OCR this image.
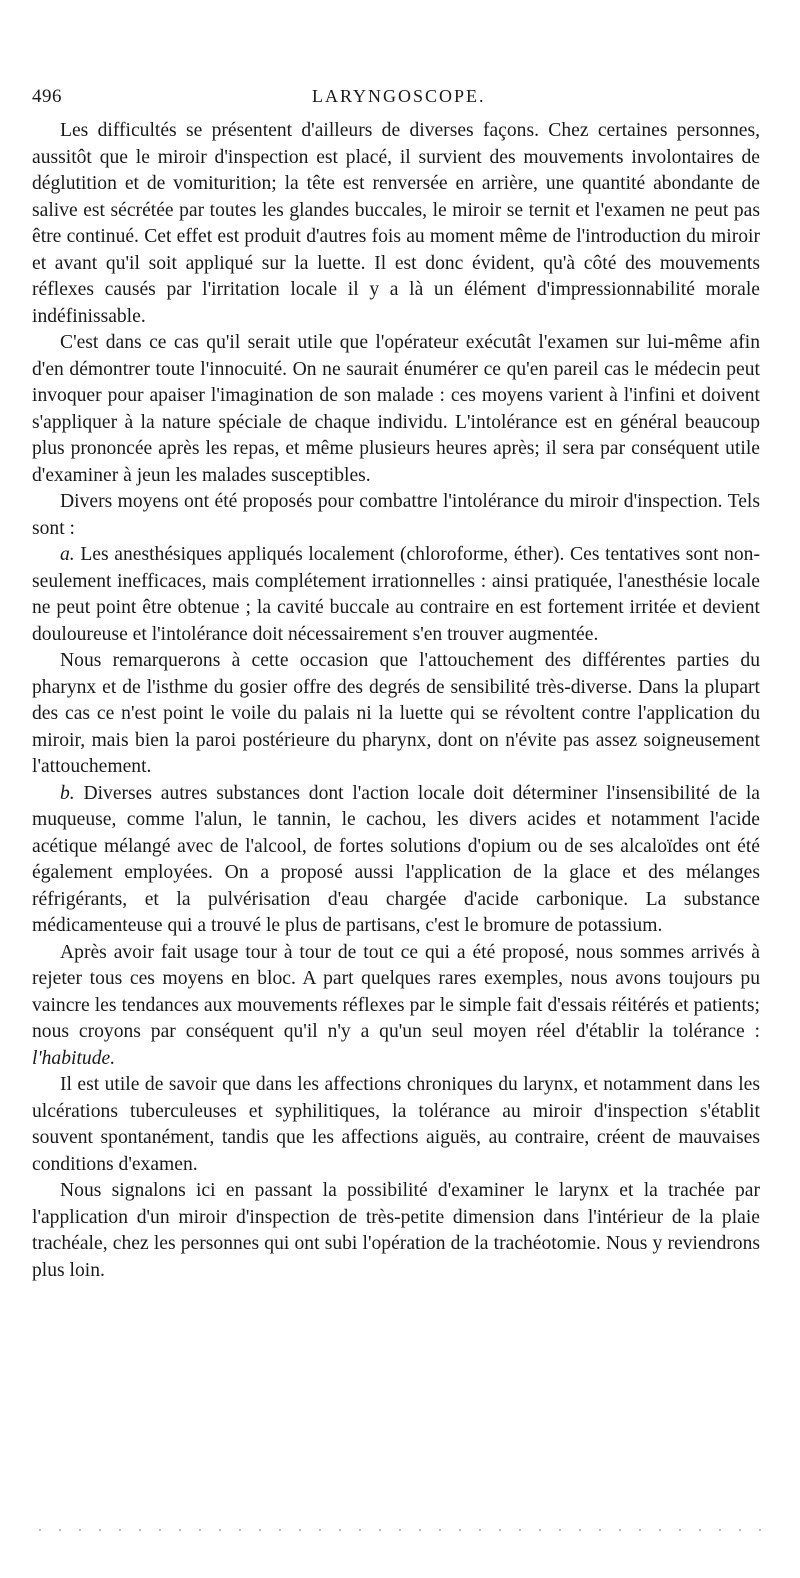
496	LARYNGOSCOPE.

Les difficultés se présentent d'ailleurs de diverses façons. Chez certaines personnes, aussitôt que le miroir d'inspection est placé, il survient des mouvements involontaires de déglutition et de vomiturition; la tête est renversée en arrière, une quantité abondante de salive est sécrétée par toutes les glandes buccales, le miroir se ternit et l'examen ne peut pas être continué. Cet effet est produit d'autres fois au moment même de l'introduction du miroir et avant qu'il soit appliqué sur la luette. Il est donc évident, qu'à côté des mouvements réflexes causés par l'irritation locale il y a là un élément d'impressionnabilité morale indéfinissable.

C'est dans ce cas qu'il serait utile que l'opérateur exécutât l'examen sur lui-même afin d'en démontrer toute l'innocuité. On ne saurait énumérer ce qu'en pareil cas le médecin peut invoquer pour apaiser l'imagination de son malade : ces moyens varient à l'infini et doivent s'appliquer à la nature spéciale de chaque individu. L'intolérance est en général beaucoup plus prononcée après les repas, et même plusieurs heures après; il sera par conséquent utile d'examiner à jeun les malades susceptibles.

Divers moyens ont été proposés pour combattre l'intolérance du miroir d'inspection. Tels sont :

a. Les anesthésiques appliqués localement (chloroforme, éther). Ces tentatives sont non-seulement inefficaces, mais complétement irrationnelles : ainsi pratiquée, l'anesthésie locale ne peut point être obtenue ; la cavité buccale au contraire en est fortement irritée et devient douloureuse et l'intolérance doit nécessairement s'en trouver augmentée.

Nous remarquerons à cette occasion que l'attouchement des différentes parties du pharynx et de l'isthme du gosier offre des degrés de sensibilité très-diverse. Dans la plupart des cas ce n'est point le voile du palais ni la luette qui se révoltent contre l'application du miroir, mais bien la paroi postérieure du pharynx, dont on n'évite pas assez soigneusement l'attouchement.

b. Diverses autres substances dont l'action locale doit déterminer l'insensibilité de la muqueuse, comme l'alun, le tannin, le cachou, les divers acides et notamment l'acide acétique mélangé avec de l'alcool, de fortes solutions d'opium ou de ses alcaloïdes ont été également employées. On a proposé aussi l'application de la glace et des mélanges réfrigérants, et la pulvérisation d'eau chargée d'acide carbonique. La substance médicamenteuse qui a trouvé le plus de partisans, c'est le bromure de potassium.

Après avoir fait usage tour à tour de tout ce qui a été proposé, nous sommes arrivés à rejeter tous ces moyens en bloc. A part quelques rares exemples, nous avons toujours pu vaincre les tendances aux mouvements réflexes par le simple fait d'essais réitérés et patients; nous croyons par conséquent qu'il n'y a qu'un seul moyen réel d'établir la tolérance : l'habitude.

Il est utile de savoir que dans les affections chroniques du larynx, et notamment dans les ulcérations tuberculeuses et syphilitiques, la tolérance au miroir d'inspection s'établit souvent spontanément, tandis que les affections aiguës, au contraire, créent de mauvaises conditions d'examen.

Nous signalons ici en passant la possibilité d'examiner le larynx et la trachée par l'application d'un miroir d'inspection de très-petite dimension dans l'intérieur de la plaie trachéale, chez les personnes qui ont subi l'opération de la trachéotomie. Nous y reviendrons plus loin.
